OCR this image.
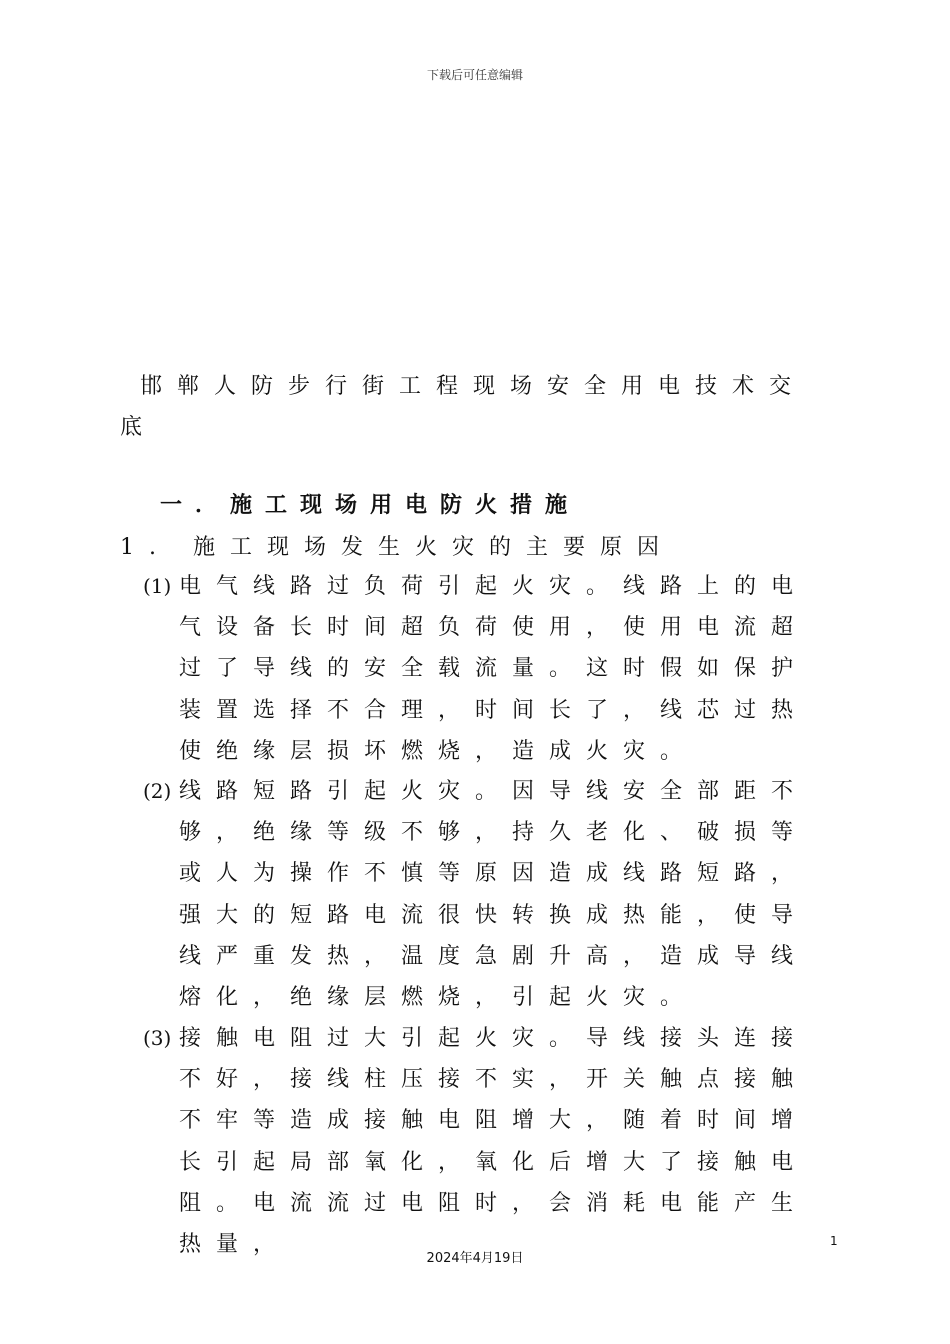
下载后可任意编辑
邯郸人防步行街工程现场安全用电技术交底
一．施工现场用电防火措施
1. 施工现场发生火灾的主要原因
(1) 电气线路过负荷引起火灾。线路上的电气设备长时间超负荷使用，使用电流超过了导线的安全载流量。这时假如保护装置选择不合理，时间长了，线芯过热使绝缘层损坏燃烧，造成火灾。
(2) 线路短路引起火灾。因导线安全部距不够，绝缘等级不够，持久老化、破损等或人为操作不慎等原因造成线路短路，强大的短路电流很快转换成热能，使导线严重发热，温度急剧升高，造成导线熔化，绝缘层燃烧，引起火灾。
(3) 接触电阻过大引起火灾。导线接头连接不好，接线柱压接不实，开关触点接触不牢等造成接触电阻增大，随着时间增长引起局部氧化，氧化后增大了接触电阻。电流流过电阻时，会消耗电能产生热量，	1
2024年4月19日
